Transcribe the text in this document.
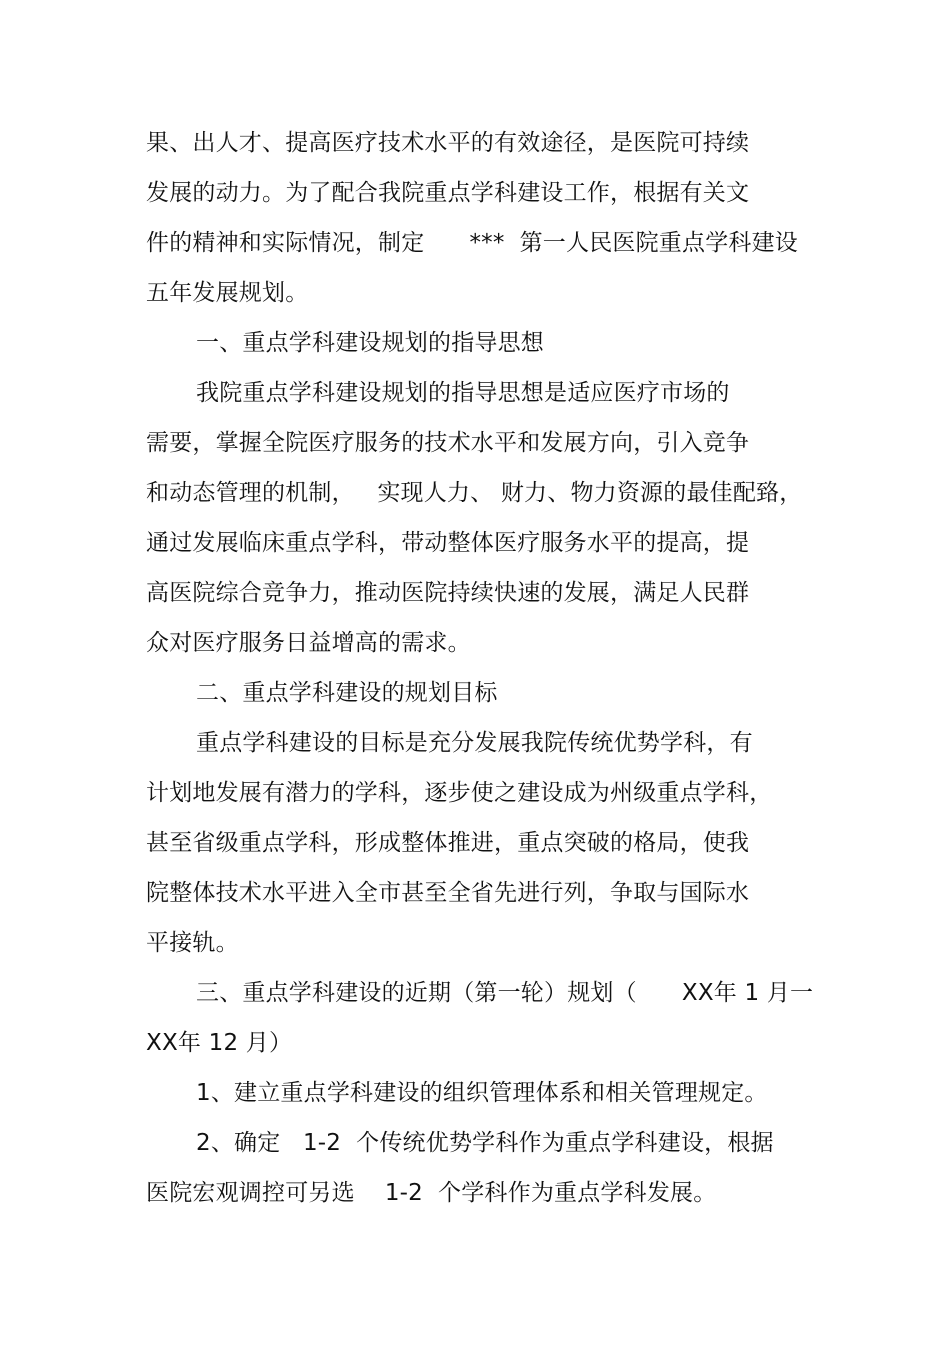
果、出人才、提高医疗技术水平的有效途径，是医院可持续
发展的动力。为了配合我院重点学科建设工作，根据有关文
件的精神和实际情况，制定      ***  第一人民医院重点学科建设
五年发展规划。
一、重点学科建设规划的指导思想
我院重点学科建设规划的指导思想是适应医疗市场的
需要，掌握全院医疗服务的技术水平和发展方向，引入竞争
和动态管理的机制，   实现人力、 财力、物力资源的最佳配臵，
通过发展临床重点学科，带动整体医疗服务水平的提高，提
高医院综合竞争力，推动医院持续快速的发展，满足人民群
众对医疗服务日益增高的需求。
二、重点学科建设的规划目标
重点学科建设的目标是充分发展我院传统优势学科，有
计划地发展有潜力的学科，逐步使之建设成为州级重点学科，
甚至省级重点学科，形成整体推进，重点突破的格局，使我
院整体技术水平进入全市甚至全省先进行列，争取与国际水
平接轨。
三、重点学科建设的近期（第一轮）规划（      XX年 1 月一
XX年 12 月）
1、建立重点学科建设的组织管理体系和相关管理规定。
2、确定   1-2  个传统优势学科作为重点学科建设，根据
医院宏观调控可另选    1-2  个学科作为重点学科发展。
